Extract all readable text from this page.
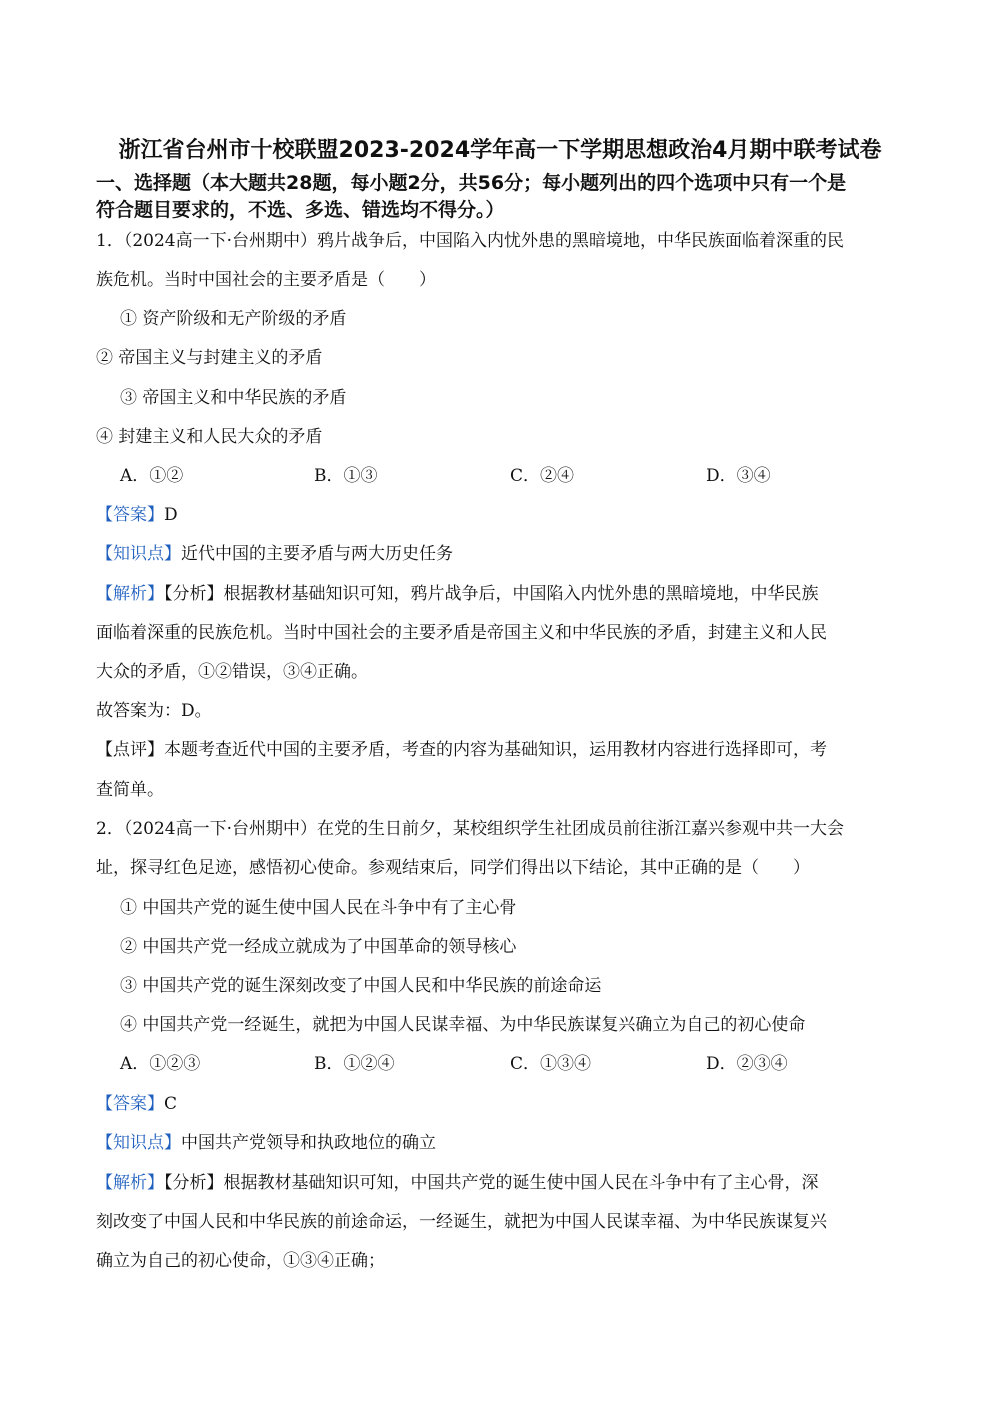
浙江省台州市十校联盟2023-2024学年高一下学期思想政治4月期中联考试卷
一、选择题（本大题共28题，每小题2分，共56分；每小题列出的四个选项中只有一个是
符合题目要求的，不选、多选、错选均不得分。）
1．（2024高一下·台州期中）鸦片战争后，中国陷入内忧外患的黑暗境地，中华民族面临着深重的民
族危机。当时中国社会的主要矛盾是（　　）
① 资产阶级和无产阶级的矛盾
② 帝国主义与封建主义的矛盾
③ 帝国主义和中华民族的矛盾
④ 封建主义和人民大众的矛盾
A．①②	B．①③	C．②④	D．③④
【答案】D
【知识点】近代中国的主要矛盾与两大历史任务
【解析】【分析】根据教材基础知识可知，鸦片战争后，中国陷入内忧外患的黑暗境地，中华民族
面临着深重的民族危机。当时中国社会的主要矛盾是帝国主义和中华民族的矛盾，封建主义和人民
大众的矛盾，①②错误，③④正确。
故答案为：D。
【点评】本题考查近代中国的主要矛盾，考查的内容为基础知识，运用教材内容进行选择即可，考
查简单。
2．（2024高一下·台州期中）在党的生日前夕，某校组织学生社团成员前往浙江嘉兴参观中共一大会
址，探寻红色足迹，感悟初心使命。参观结束后，同学们得出以下结论，其中正确的是（　　）
① 中国共产党的诞生使中国人民在斗争中有了主心骨
② 中国共产党一经成立就成为了中国革命的领导核心
③ 中国共产党的诞生深刻改变了中国人民和中华民族的前途命运
④ 中国共产党一经诞生，就把为中国人民谋幸福、为中华民族谋复兴确立为自己的初心使命
A．①②③	B．①②④	C．①③④	D．②③④
【答案】C
【知识点】中国共产党领导和执政地位的确立
【解析】【分析】根据教材基础知识可知，中国共产党的诞生使中国人民在斗争中有了主心骨，深
刻改变了中国人民和中华民族的前途命运，一经诞生，就把为中国人民谋幸福、为中华民族谋复兴
确立为自己的初心使命，①③④正确；
